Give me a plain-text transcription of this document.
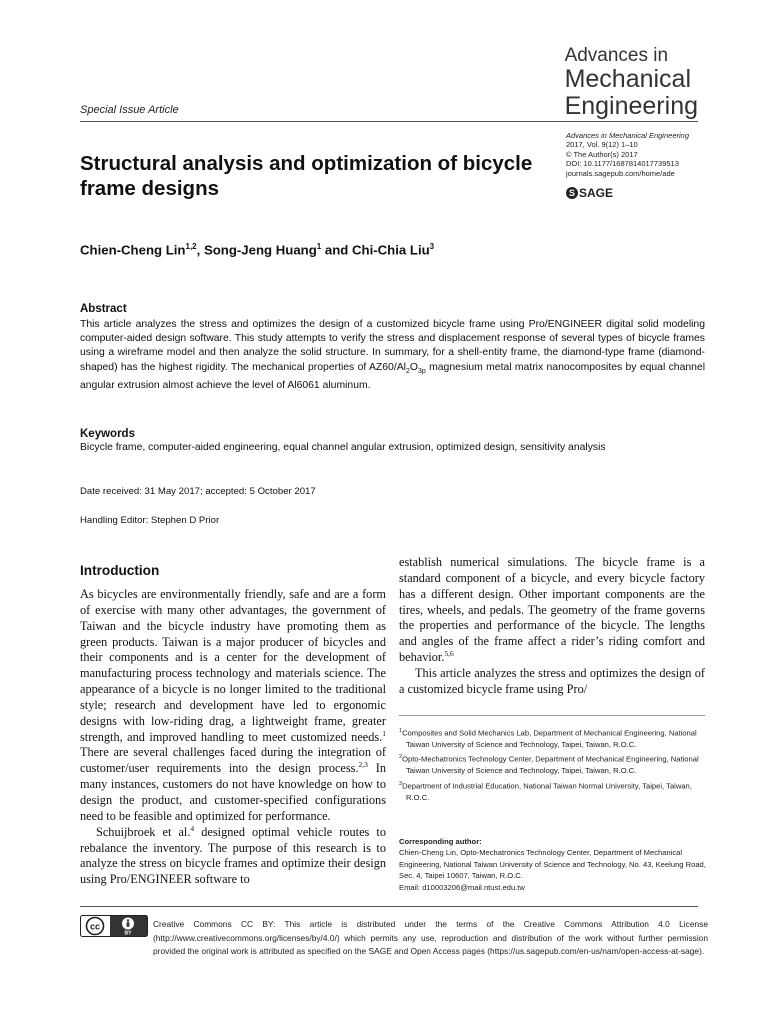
Advances in
Mechanical
Engineering
Special Issue Article
Advances in Mechanical Engineering
2017, Vol. 9(12) 1–10
© The Author(s) 2017
DOI: 10.1177/1687814017739513
journals.sagepub.com/home/ade
S SAGE
Structural analysis and optimization of bicycle frame designs
Chien-Cheng Lin$^{1,2}$, Song-Jeng Huang$^1$ and Chi-Chia Liu$^3$
Abstract
This article analyzes the stress and optimizes the design of a customized bicycle frame using Pro/ENGINEER digital solid modeling computer-aided design software. This study attempts to verify the stress and displacement response of several types of bicycle frames using a wireframe model and then analyze the solid structure. In summary, for a shell-entity frame, the diamond-type frame (diamond-shaped) has the highest rigidity. The mechanical properties of $AZ60/Al_2O_{3p}$ magnesium metal matrix nanocomposites by equal channel angular extrusion almost achieve the level of Al6061 aluminum.
Keywords
Bicycle frame, computer-aided engineering, equal channel angular extrusion, optimized design, sensitivity analysis
Date received: 31 May 2017; accepted: 5 October 2017
Handling Editor: Stephen D Prior
Introduction

As bicycles are environmentally friendly, safe and are a form of exercise with many other advantages, the government of Taiwan and the bicycle industry have promoting them as green products. Taiwan is a major producer of bicycles and their components and is a center for the development of manufacturing process technology and materials science. The appearance of a bicycle is no longer limited to the traditional style; research and development have led to ergonomic designs with low-riding drag, a lightweight frame, greater strength, and improved handling to meet customized needs.$^1$ There are several challenges faced during the integration of customer/user requirements into the design process.$^{2,3}$ In many instances, customers do not have knowledge on how to design the product, and customer-specified configurations need to be feasible and optimized for performance.

Schuijbroek et al.$^4$ designed optimal vehicle routes to rebalance the inventory. The purpose of this research is to analyze the stress on bicycle frames and optimize their design using Pro/ENGINEER software to

establish numerical simulations. The bicycle frame is a standard component of a bicycle, and every bicycle factory has a different design. Other important components are the tires, wheels, and pedals. The geometry of the frame governs the properties and performance of the bicycle. The lengths and angles of the frame affect a rider’s riding comfort and behavior.$^{5,6}$

This article analyzes the stress and optimizes the design of a customized bicycle frame using Pro/

$^1$Composites and Solid Mechanics Lab, Department of Mechanical Engineering, National Taiwan University of Science and Technology, Taipei, Taiwan, R.O.C.
$^2$Opto-Mechatronics Technology Center, Department of Mechanical Engineering, National Taiwan University of Science and Technology, Taipei, Taiwan, R.O.C.
$^3$Department of Industrial Education, National Taiwan Normal University, Taipei, Taiwan, R.O.C.
Corresponding author:
Chien-Cheng Lin, Opto-Mechatronics Technology Center, Department of Mechanical Engineering, National Taiwan University of Science and Technology, No. 43, Keelung Road, Sec. 4, Taipei 10607, Taiwan, R.O.C.
Email: d10003206@mail.ntust.edu.tw
cc
BY
Creative Commons CC BY: This article is distributed under the terms of the Creative Commons Attribution 4.0 License (http://www.creativecommons.org/licenses/by/4.0/) which permits any use, reproduction and distribution of the work without further permission provided the original work is attributed as specified on the SAGE and Open Access pages (https://us.sagepub.com/en-us/nam/open-access-at-sage).
